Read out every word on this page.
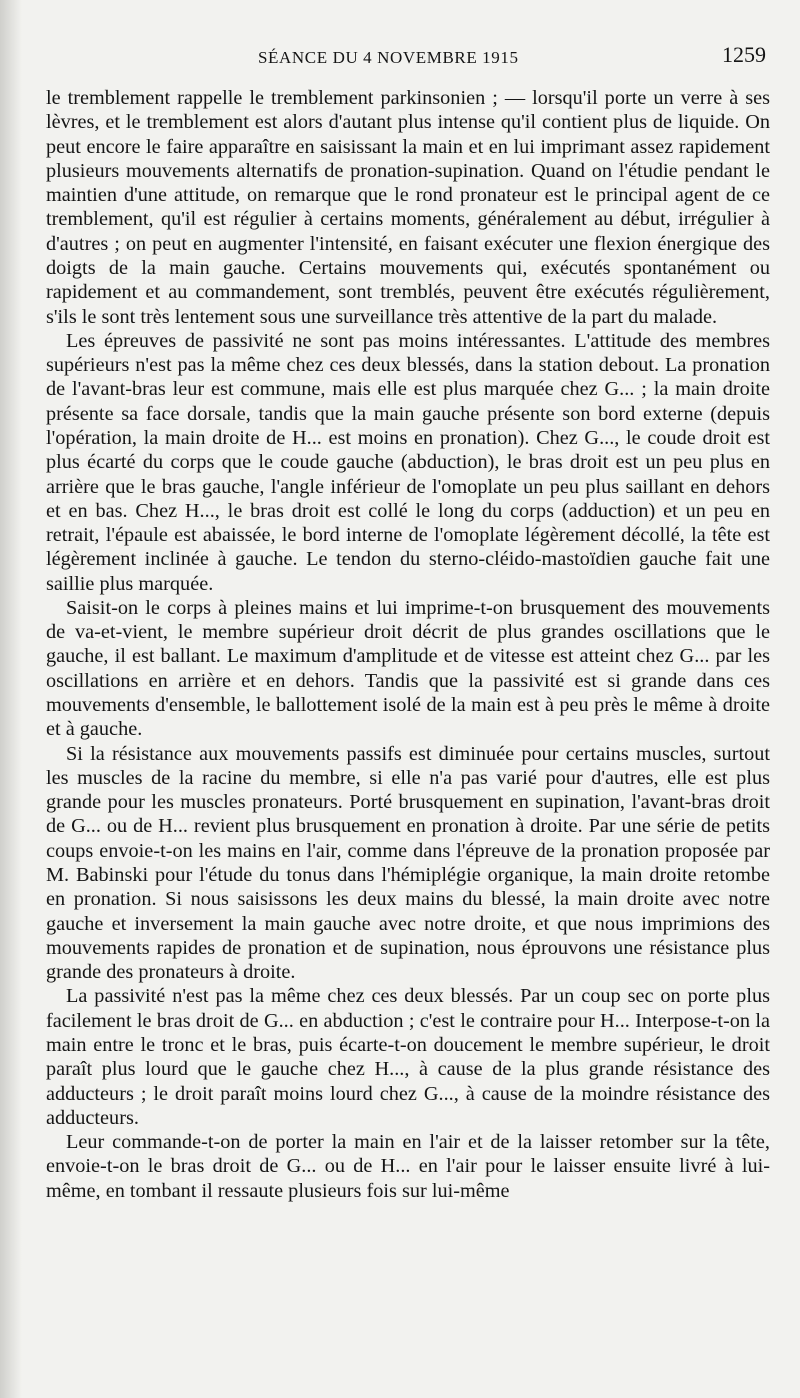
SÉANCE DU 4 NOVEMBRE 1915	1259

le tremblement rappelle le tremblement parkinsonien ; — lorsqu'il porte un verre à ses lèvres, et le tremblement est alors d'autant plus intense qu'il contient plus de liquide. On peut encore le faire apparaître en saisissant la main et en lui imprimant assez rapidement plusieurs mouvements alternatifs de pronation-supination. Quand on l'étudie pendant le maintien d'une attitude, on remarque que le rond pronateur est le principal agent de ce tremblement, qu'il est régulier à certains moments, généralement au début, irrégulier à d'autres ; on peut en augmenter l'intensité, en faisant exécuter une flexion énergique des doigts de la main gauche. Certains mouvements qui, exécutés spontanément ou rapidement et au commandement, sont tremblés, peuvent être exécutés régulièrement, s'ils le sont très lentement sous une surveillance très attentive de la part du malade.

Les épreuves de passivité ne sont pas moins intéressantes. L'attitude des membres supérieurs n'est pas la même chez ces deux blessés, dans la station debout. La pronation de l'avant-bras leur est commune, mais elle est plus marquée chez G... ; la main droite présente sa face dorsale, tandis que la main gauche présente son bord externe (depuis l'opération, la main droite de H... est moins en pronation). Chez G..., le coude droit est plus écarté du corps que le coude gauche (abduction), le bras droit est un peu plus en arrière que le bras gauche, l'angle inférieur de l'omoplate un peu plus saillant en dehors et en bas. Chez H..., le bras droit est collé le long du corps (adduction) et un peu en retrait, l'épaule est abaissée, le bord interne de l'omoplate légèrement décollé, la tête est légèrement inclinée à gauche. Le tendon du sterno-cléido-mastoïdien gauche fait une saillie plus marquée.

Saisit-on le corps à pleines mains et lui imprime-t-on brusquement des mouvements de va-et-vient, le membre supérieur droit décrit de plus grandes oscillations que le gauche, il est ballant. Le maximum d'amplitude et de vitesse est atteint chez G... par les oscillations en arrière et en dehors. Tandis que la passivité est si grande dans ces mouvements d'ensemble, le ballottement isolé de la main est à peu près le même à droite et à gauche.

Si la résistance aux mouvements passifs est diminuée pour certains muscles, surtout les muscles de la racine du membre, si elle n'a pas varié pour d'autres, elle est plus grande pour les muscles pronateurs. Porté brusquement en supination, l'avant-bras droit de G... ou de H... revient plus brusquement en pronation à droite. Par une série de petits coups envoie-t-on les mains en l'air, comme dans l'épreuve de la pronation proposée par M. Babinski pour l'étude du tonus dans l'hémiplégie organique, la main droite retombe en pronation. Si nous saisissons les deux mains du blessé, la main droite avec notre gauche et inversement la main gauche avec notre droite, et que nous imprimions des mouvements rapides de pronation et de supination, nous éprouvons une résistance plus grande des pronateurs à droite.

La passivité n'est pas la même chez ces deux blessés. Par un coup sec on porte plus facilement le bras droit de G... en abduction ; c'est le contraire pour H... Interpose-t-on la main entre le tronc et le bras, puis écarte-t-on doucement le membre supérieur, le droit paraît plus lourd que le gauche chez H..., à cause de la plus grande résistance des adducteurs ; le droit paraît moins lourd chez G..., à cause de la moindre résistance des adducteurs.

Leur commande-t-on de porter la main en l'air et de la laisser retomber sur la tête, envoie-t-on le bras droit de G... ou de H... en l'air pour le laisser ensuite livré à lui-même, en tombant il ressaute plusieurs fois sur lui-même
